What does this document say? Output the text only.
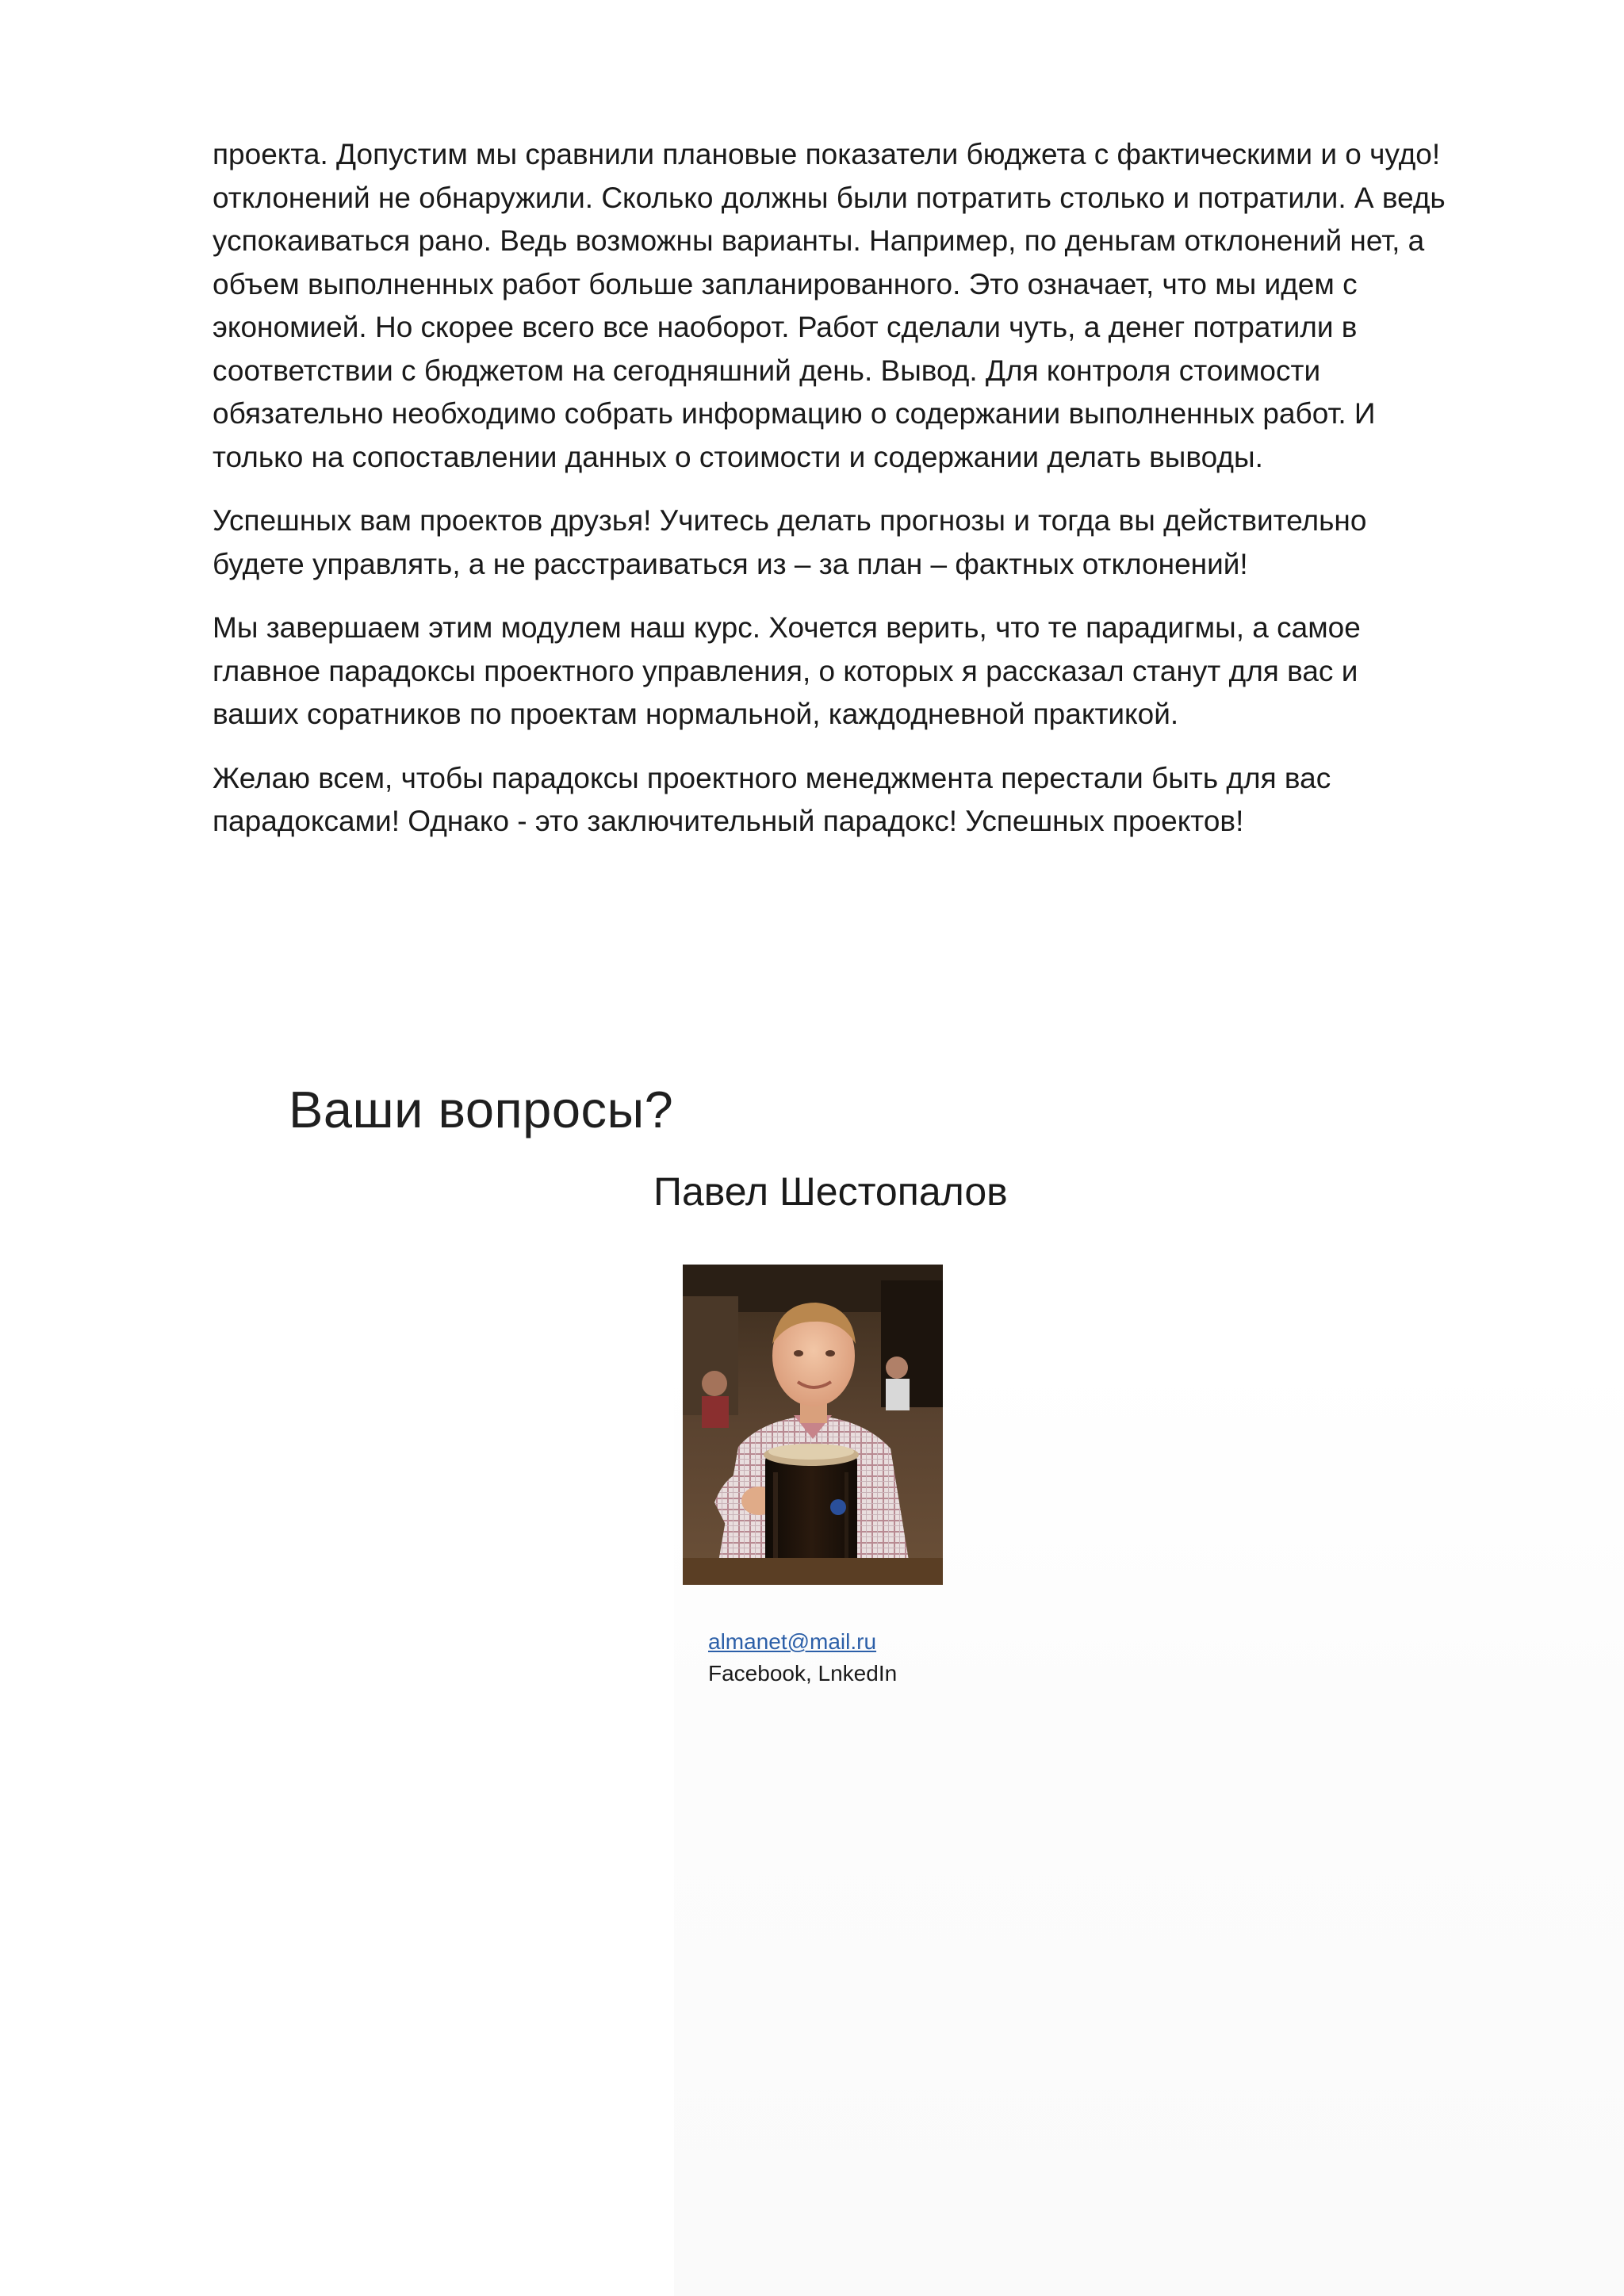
проекта. Допустим мы сравнили плановые показатели бюджета с фактическими и о чудо! отклонений не обнаружили. Сколько должны были потратить столько и потратили. А ведь успокаиваться рано. Ведь возможны варианты. Например, по деньгам отклонений нет, а объем выполненных работ больше запланированного. Это означает, что мы идем с экономией. Но скорее всего все наоборот. Работ сделали чуть, а денег потратили в соответствии с бюджетом на сегодняшний день. Вывод. Для контроля стоимости обязательно необходимо собрать информацию о содержании выполненных работ. И только на сопоставлении данных о стоимости и содержании делать выводы.

Успешных вам проектов друзья! Учитесь делать прогнозы и тогда вы действительно будете управлять, а не расстраиваться из – за план – фактных отклонений!

Мы завершаем этим модулем наш курс. Хочется верить, что те парадигмы, а самое главное парадоксы проектного управления, о которых я рассказал станут для вас и ваших соратников по проектам нормальной, каждодневной практикой.

Желаю всем, чтобы парадоксы проектного менеджмента перестали быть для вас парадоксами! Однако - это заключительный парадокс! Успешных проектов!

Ваши вопросы?
Павел Шестопалов
almanet@mail.ru
Facebook, LnkedIn
